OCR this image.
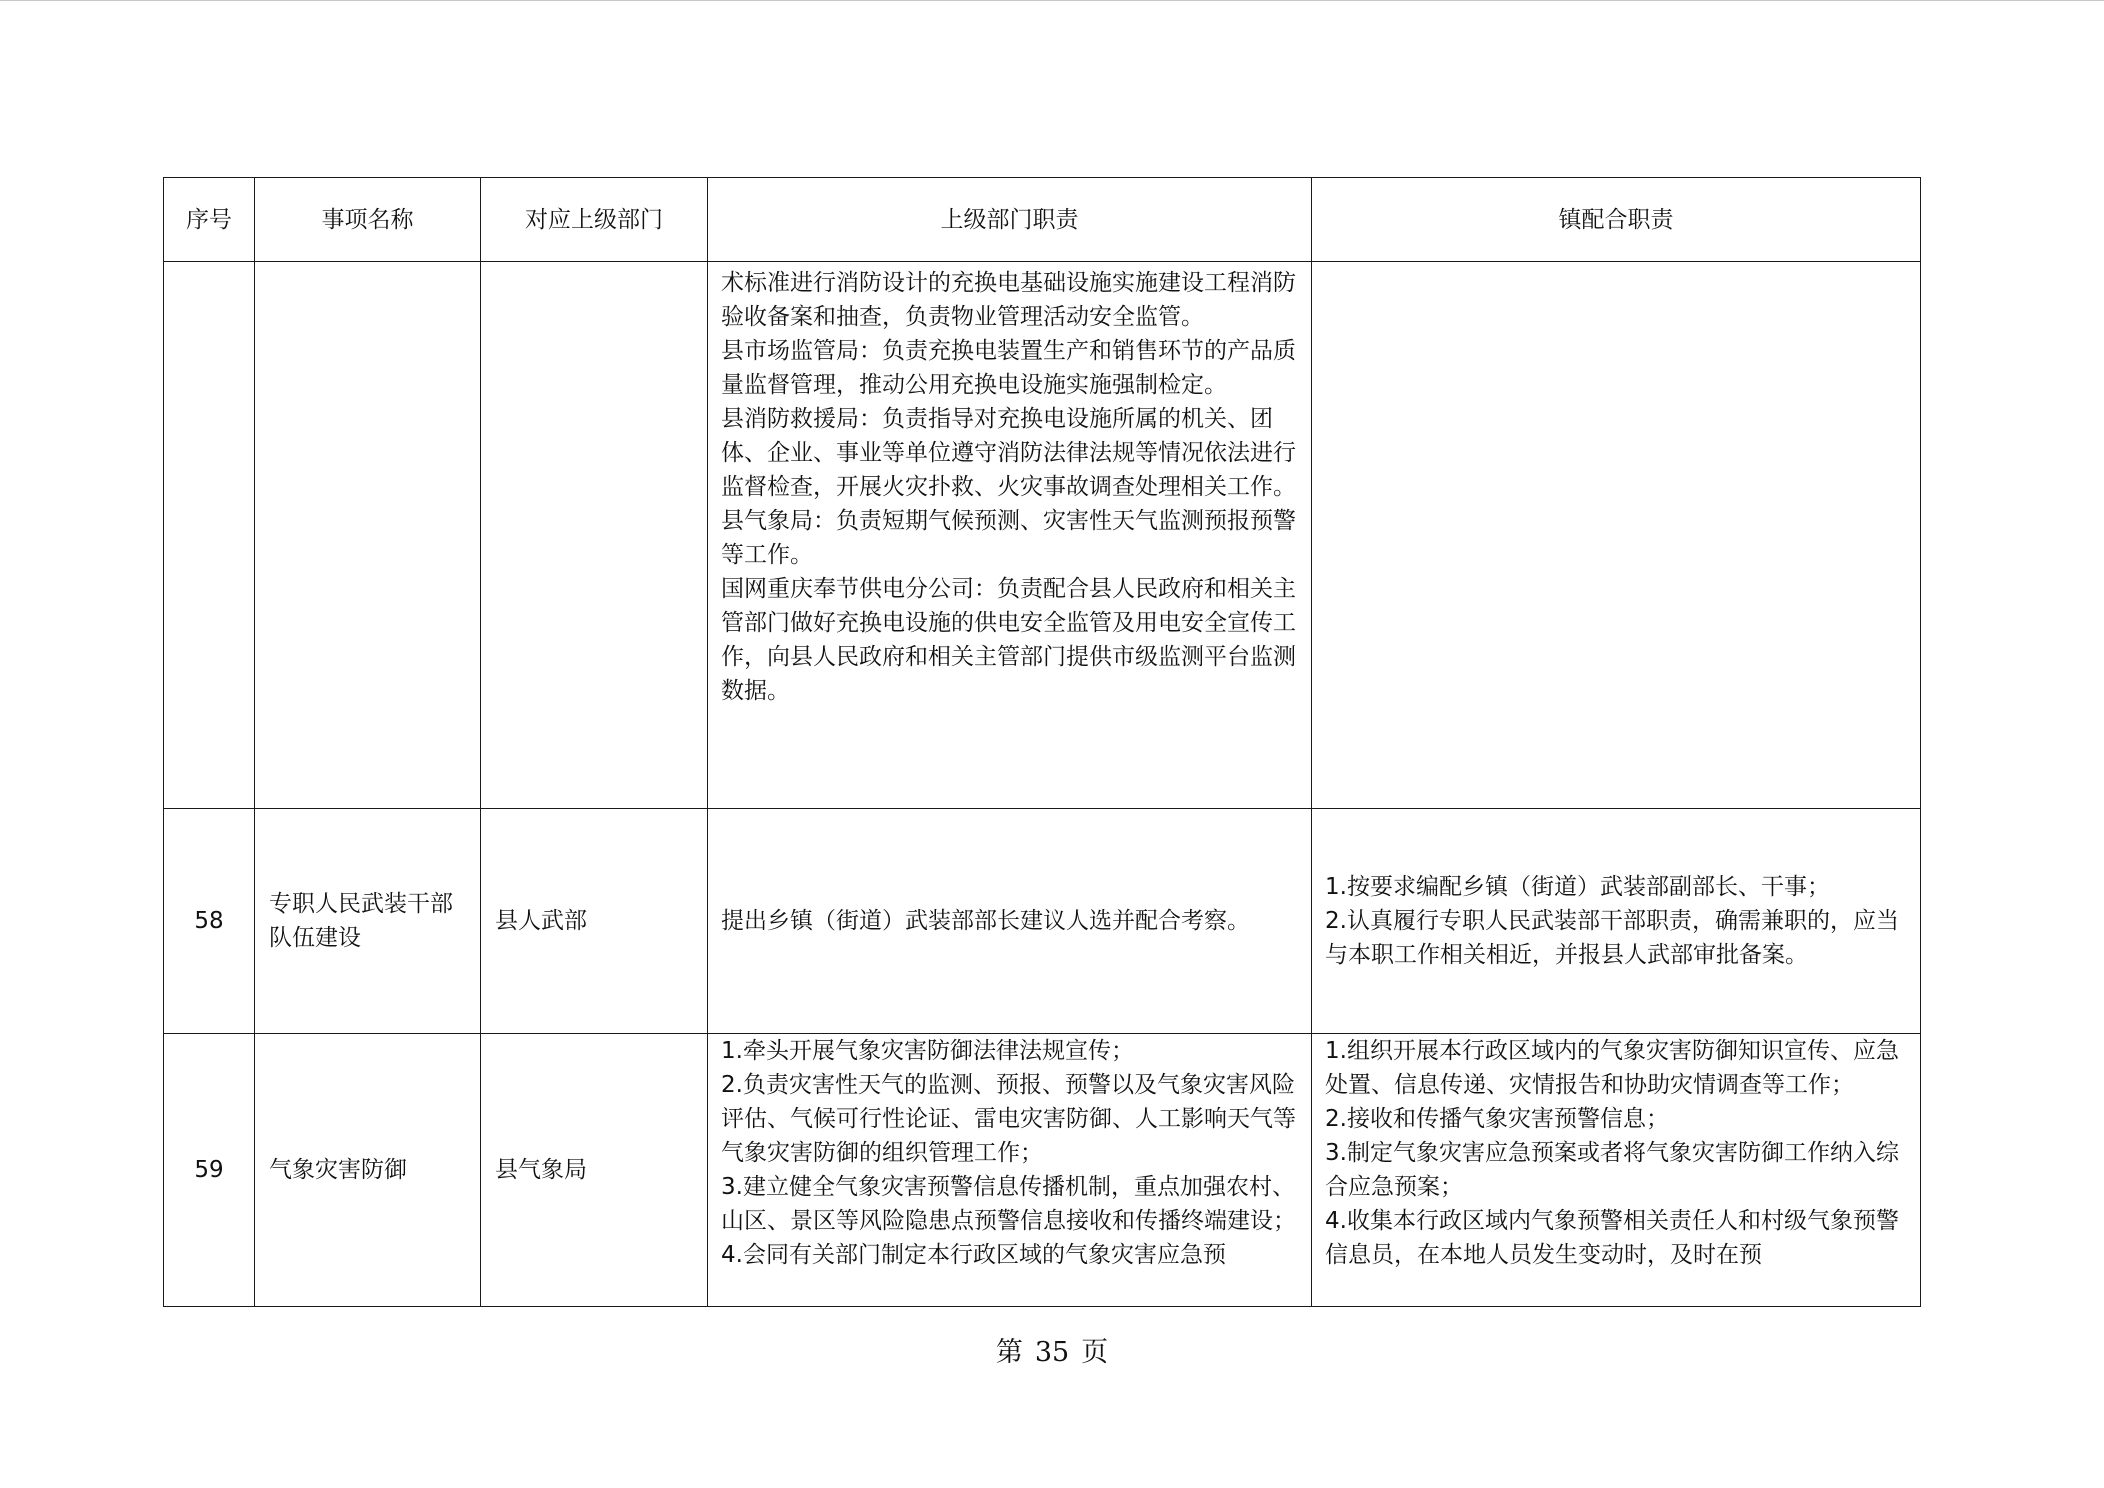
序号	事项名称	对应上级部门	上级部门职责	镇配合职责

			术标准进行消防设计的充换电基础设施实施建设工程消防验收备案和抽查，负责物业管理活动安全监管。
县市场监管局：负责充换电装置生产和销售环节的产品质量监督管理，推动公用充换电设施实施强制检定。
县消防救援局：负责指导对充换电设施所属的机关、团体、企业、事业等单位遵守消防法律法规等情况依法进行监督检查，开展火灾扑救、火灾事故调查处理相关工作。
县气象局：负责短期气候预测、灾害性天气监测预报预警等工作。
国网重庆奉节供电分公司：负责配合县人民政府和相关主管部门做好充换电设施的供电安全监管及用电安全宣传工作，向县人民政府和相关主管部门提供市级监测平台监测数据。	

58	专职人民武装干部队伍建设	县人武部	提出乡镇（街道）武装部部长建议人选并配合考察。	1.按要求编配乡镇（街道）武装部副部长、干事；
2.认真履行专职人民武装部干部职责，确需兼职的，应当与本职工作相关相近，并报县人武部审批备案。

59	气象灾害防御	县气象局	1.牵头开展气象灾害防御法律法规宣传；
2.负责灾害性天气的监测、预报、预警以及气象灾害风险评估、气候可行性论证、雷电灾害防御、人工影响天气等气象灾害防御的组织管理工作；
3.建立健全气象灾害预警信息传播机制，重点加强农村、山区、景区等风险隐患点预警信息接收和传播终端建设；
4.会同有关部门制定本行政区域的气象灾害应急预	1.组织开展本行政区域内的气象灾害防御知识宣传、应急处置、信息传递、灾情报告和协助灾情调查等工作；
2.接收和传播气象灾害预警信息；
3.制定气象灾害应急预案或者将气象灾害防御工作纳入综合应急预案；
4.收集本行政区域内气象预警相关责任人和村级气象预警信息员，在本地人员发生变动时，及时在预
第 35 页
